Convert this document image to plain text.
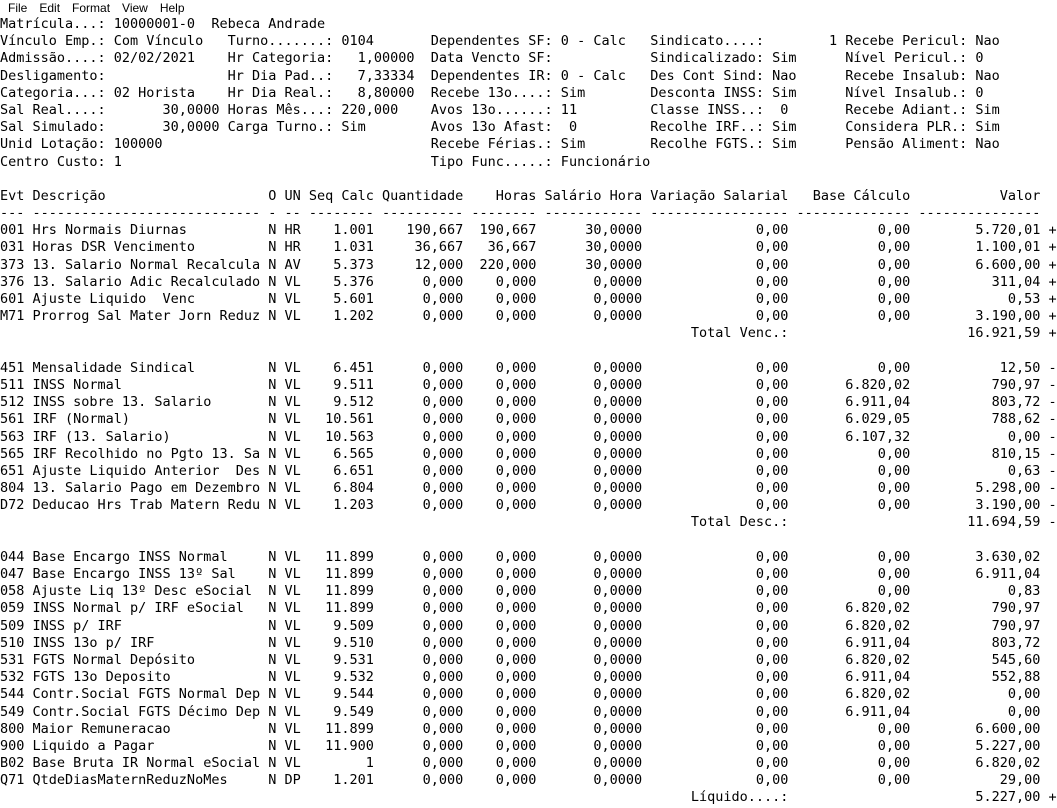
File	Edit	Format	View	Help
Matrícula...: 10000001-0  Rebeca Andrade
Vínculo Emp.: Com Vínculo   Turno.......: 0104       Dependentes SF: 0 - Calc   Sindicato....:        1 Recebe Pericul: Nao
Admissão....: 02/02/2021    Hr Categoria:   1,00000  Data Vencto SF:            Sindicalizado: Sim      Nível Pericul.: 0
Desligamento:               Hr Dia Pad..:   7,33334  Dependentes IR: 0 - Calc   Des Cont Sind: Nao      Recebe Insalub: Nao
Categoria...: 02 Horista    Hr Dia Real.:   8,80000  Recebe 13o....: Sim        Desconta INSS: Sim      Nível Insalub.: 0
Sal Real....:       30,0000 Horas Mês...: 220,000    Avos 13o......: 11         Classe INSS..:  0       Recebe Adiant.: Sim
Sal Simulado:       30,0000 Carga Turno.: Sim        Avos 13o Afast:  0         Recolhe IRF..: Sim      Considera PLR.: Sim
Unid Lotação: 100000                                 Recebe Férias.: Sim        Recolhe FGTS.: Sim      Pensão Aliment: Nao
Centro Custo: 1                                      Tipo Func.....: Funcionário

Evt Descrição                    O UN Seq Calc Quantidade    Horas Salário Hora Variação Salarial   Base Cálculo           Valor
--- ---------------------------- - -- -------- ---------- -------- ------------ ----------------- -------------- ---------------
001 Hrs Normais Diurnas          N HR    1.001    190,667  190,667      30,0000              0,00           0,00        5.720,01 +
031 Horas DSR Vencimento         N HR    1.031     36,667   36,667      30,0000              0,00           0,00        1.100,01 +
373 13. Salario Normal Recalcula N AV    5.373     12,000  220,000      30,0000              0,00           0,00        6.600,00 +
376 13. Salario Adic Recalculado N VL    5.376      0,000    0,000       0,0000              0,00           0,00          311,04 +
601 Ajuste Liquido  Venc         N VL    5.601      0,000    0,000       0,0000              0,00           0,00            0,53 +
M71 Prorrog Sal Mater Jorn Reduz N VL    1.202      0,000    0,000       0,0000              0,00           0,00        3.190,00 +
Total Venc.:                      16.921,59 +

451 Mensalidade Sindical         N VL    6.451      0,000    0,000       0,0000              0,00           0,00           12,50 -
511 INSS Normal                  N VL    9.511      0,000    0,000       0,0000              0,00       6.820,02          790,97 -
512 INSS sobre 13. Salario       N VL    9.512      0,000    0,000       0,0000              0,00       6.911,04          803,72 -
561 IRF (Normal)                 N VL   10.561      0,000    0,000       0,0000              0,00       6.029,05          788,62 -
563 IRF (13. Salario)            N VL   10.563      0,000    0,000       0,0000              0,00       6.107,32            0,00 -
565 IRF Recolhido no Pgto 13. Sa N VL    6.565      0,000    0,000       0,0000              0,00           0,00          810,15 -
651 Ajuste Liquido Anterior  Des N VL    6.651      0,000    0,000       0,0000              0,00           0,00            0,63 -
804 13. Salario Pago em Dezembro N VL    6.804      0,000    0,000       0,0000              0,00           0,00        5.298,00 -
D72 Deducao Hrs Trab Matern Redu N VL    1.203      0,000    0,000       0,0000              0,00           0,00        3.190,00 -
Total Desc.:                      11.694,59 -

044 Base Encargo INSS Normal     N VL   11.899      0,000    0,000       0,0000              0,00           0,00        3.630,02
047 Base Encargo INSS 13º Sal    N VL   11.899      0,000    0,000       0,0000              0,00           0,00        6.911,04
058 Ajuste Liq 13º Desc eSocial  N VL   11.899      0,000    0,000       0,0000              0,00           0,00            0,83
059 INSS Normal p/ IRF eSocial   N VL   11.899      0,000    0,000       0,0000              0,00       6.820,02          790,97
509 INSS p/ IRF                  N VL    9.509      0,000    0,000       0,0000              0,00       6.820,02          790,97
510 INSS 13o p/ IRF              N VL    9.510      0,000    0,000       0,0000              0,00       6.911,04          803,72
531 FGTS Normal Depósito         N VL    9.531      0,000    0,000       0,0000              0,00       6.820,02          545,60
532 FGTS 13o Deposito            N VL    9.532      0,000    0,000       0,0000              0,00       6.911,04          552,88
544 Contr.Social FGTS Normal Dep N VL    9.544      0,000    0,000       0,0000              0,00       6.820,02            0,00
549 Contr.Social FGTS Décimo Dep N VL    9.549      0,000    0,000       0,0000              0,00       6.911,04            0,00
800 Maior Remuneracao            N VL   11.899      0,000    0,000       0,0000              0,00           0,00        6.600,00
900 Liquido a Pagar              N VL   11.900      0,000    0,000       0,0000              0,00           0,00        5.227,00
B02 Base Bruta IR Normal eSocial N VL        1      0,000    0,000       0,0000              0,00           0,00        6.820,02
Q71 QtdeDiasMaternReduzNoMes     N DP    1.201      0,000    0,000       0,0000              0,00           0,00           29,00
Líquido....:                       5.227,00 +
